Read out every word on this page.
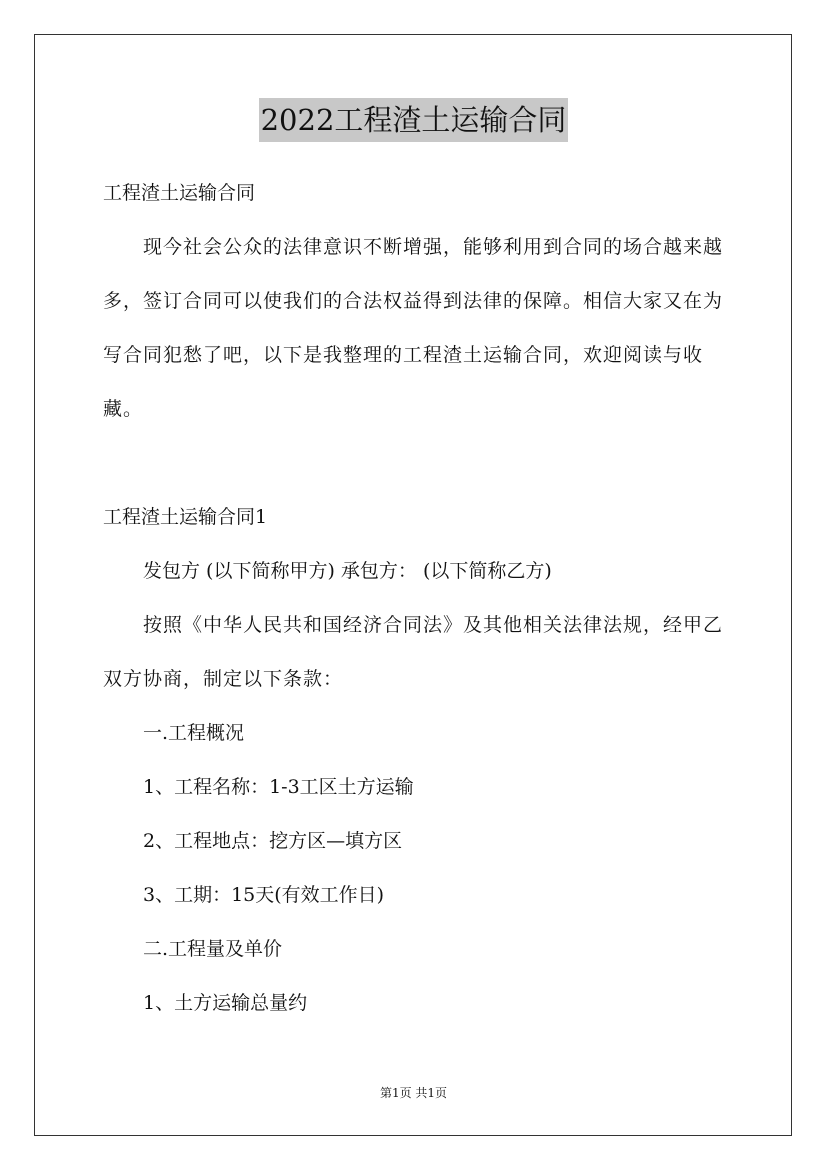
2022工程渣土运输合同

工程渣土运输合同

现今社会公众的法律意识不断增强，能够利用到合同的场合越来越多，签订合同可以使我们的合法权益得到法律的保障。相信大家又在为写合同犯愁了吧，以下是我整理的工程渣土运输合同，欢迎阅读与收藏。

工程渣土运输合同1

发包方 (以下简称甲方) 承包方： (以下简称乙方)

按照《中华人民共和国经济合同法》及其他相关法律法规，经甲乙双方协商，制定以下条款：

一.工程概况

1、工程名称：1-3工区土方运输

2、工程地点：挖方区—填方区

3、工期：15天(有效工作日)

二.工程量及单价

1、土方运输总量约

第1页 共1页
